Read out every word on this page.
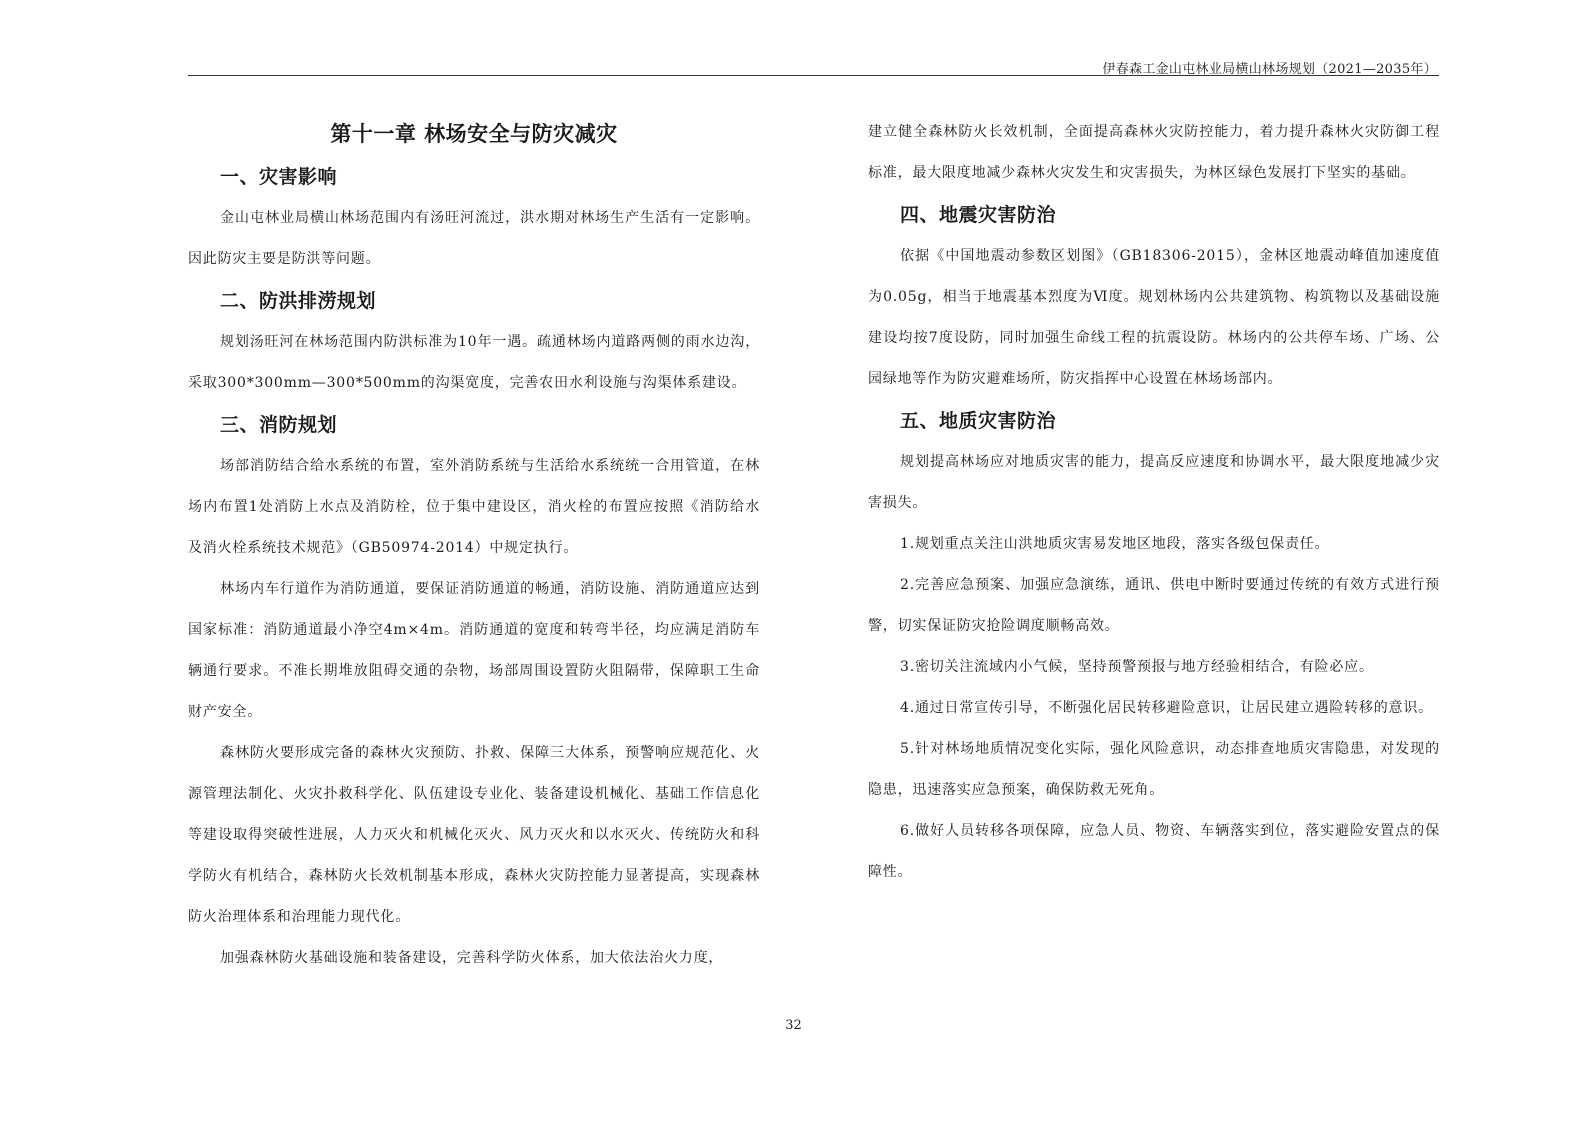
伊春森工金山屯林业局横山林场规划（2021—2035年）
第十一章 林场安全与防灾减灾
一、灾害影响

金山屯林业局横山林场范围内有汤旺河流过，洪水期对林场生产生活有一定影响。因此防灾主要是防洪等问题。

二、防洪排涝规划

规划汤旺河在林场范围内防洪标准为10年一遇。疏通林场内道路两侧的雨水边沟，采取300*300mm—300*500mm的沟渠宽度，完善农田水利设施与沟渠体系建设。

三、消防规划

场部消防结合给水系统的布置，室外消防系统与生活给水系统统一合用管道，在林场内布置1处消防上水点及消防栓，位于集中建设区，消火栓的布置应按照《消防给水及消火栓系统技术规范》（GB50974-2014）中规定执行。

林场内车行道作为消防通道，要保证消防通道的畅通，消防设施、消防通道应达到国家标准：消防通道最小净空4m×4m。消防通道的宽度和转弯半径，均应满足消防车辆通行要求。不准长期堆放阻碍交通的杂物，场部周围设置防火阻隔带，保障职工生命财产安全。

森林防火要形成完备的森林火灾预防、扑救、保障三大体系，预警响应规范化、火源管理法制化、火灾扑救科学化、队伍建设专业化、装备建设机械化、基础工作信息化等建设取得突破性进展，人力灭火和机械化灭火、风力灭火和以水灭火、传统防火和科学防火有机结合，森林防火长效机制基本形成，森林火灾防控能力显著提高，实现森林防火治理体系和治理能力现代化。

加强森林防火基础设施和装备建设，完善科学防火体系，加大依法治火力度，

建立健全森林防火长效机制，全面提高森林火灾防控能力，着力提升森林火灾防御工程标准，最大限度地减少森林火灾发生和灾害损失，为林区绿色发展打下坚实的基础。

四、地震灾害防治

依据《中国地震动参数区划图》（GB18306-2015），金林区地震动峰值加速度值为0.05g，相当于地震基本烈度为Ⅵ度。规划林场内公共建筑物、构筑物以及基础设施建设均按7度设防，同时加强生命线工程的抗震设防。林场内的公共停车场、广场、公园绿地等作为防灾避难场所，防灾指挥中心设置在林场场部内。

五、地质灾害防治

规划提高林场应对地质灾害的能力，提高反应速度和协调水平，最大限度地减少灾害损失。

1.规划重点关注山洪地质灾害易发地区地段，落实各级包保责任。

2.完善应急预案、加强应急演练，通讯、供电中断时要通过传统的有效方式进行预警，切实保证防灾抢险调度顺畅高效。

3.密切关注流域内小气候，坚持预警预报与地方经验相结合，有险必应。

4.通过日常宣传引导，不断强化居民转移避险意识，让居民建立遇险转移的意识。

5.针对林场地质情况变化实际，强化风险意识，动态排查地质灾害隐患，对发现的隐患，迅速落实应急预案，确保防救无死角。

6.做好人员转移各项保障，应急人员、物资、车辆落实到位，落实避险安置点的保障性。

32
